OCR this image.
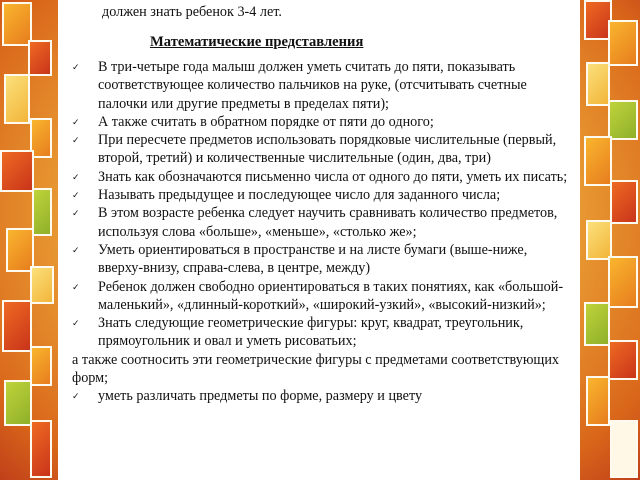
должен знать ребенок 3-4 лет.
Математические представления
✓ В три-четыре года малыш должен уметь считать до пяти, показывать соответствующее количество пальчиков на руке, (отсчитывать счетные палочки или другие предметы в пределах пяти);
✓ А также считать в обратном порядке от пяти до одного;
✓ При пересчете предметов использовать порядковые числительные (первый, второй, третий) и количественные числительные (один, два, три)
✓ Знать как обозначаются письменно числа от одного до пяти, уметь их писать;
✓ Называть предыдущее и последующее число для заданного числа;
✓ В этом возрасте ребенка следует научить сравнивать количество предметов, используя слова «больше», «меньше», «столько же»;
✓ Уметь ориентироваться в пространстве и на листе бумаги (выше-ниже, вверху-внизу, справа-слева, в центре, между)
✓ Ребенок должен свободно ориентироваться в таких понятиях, как «большой-маленький», «длинный-короткий», «широкий-узкий», «высокий-низкий»;
✓ Знать следующие геометрические фигуры: круг, квадрат, треугольник, прямоугольник и овал и уметь рисоватьих;
а также соотносить эти геометрические фигуры с предметами соответствующих форм;
✓ уметь различать предметы по форме, размеру и цвету
